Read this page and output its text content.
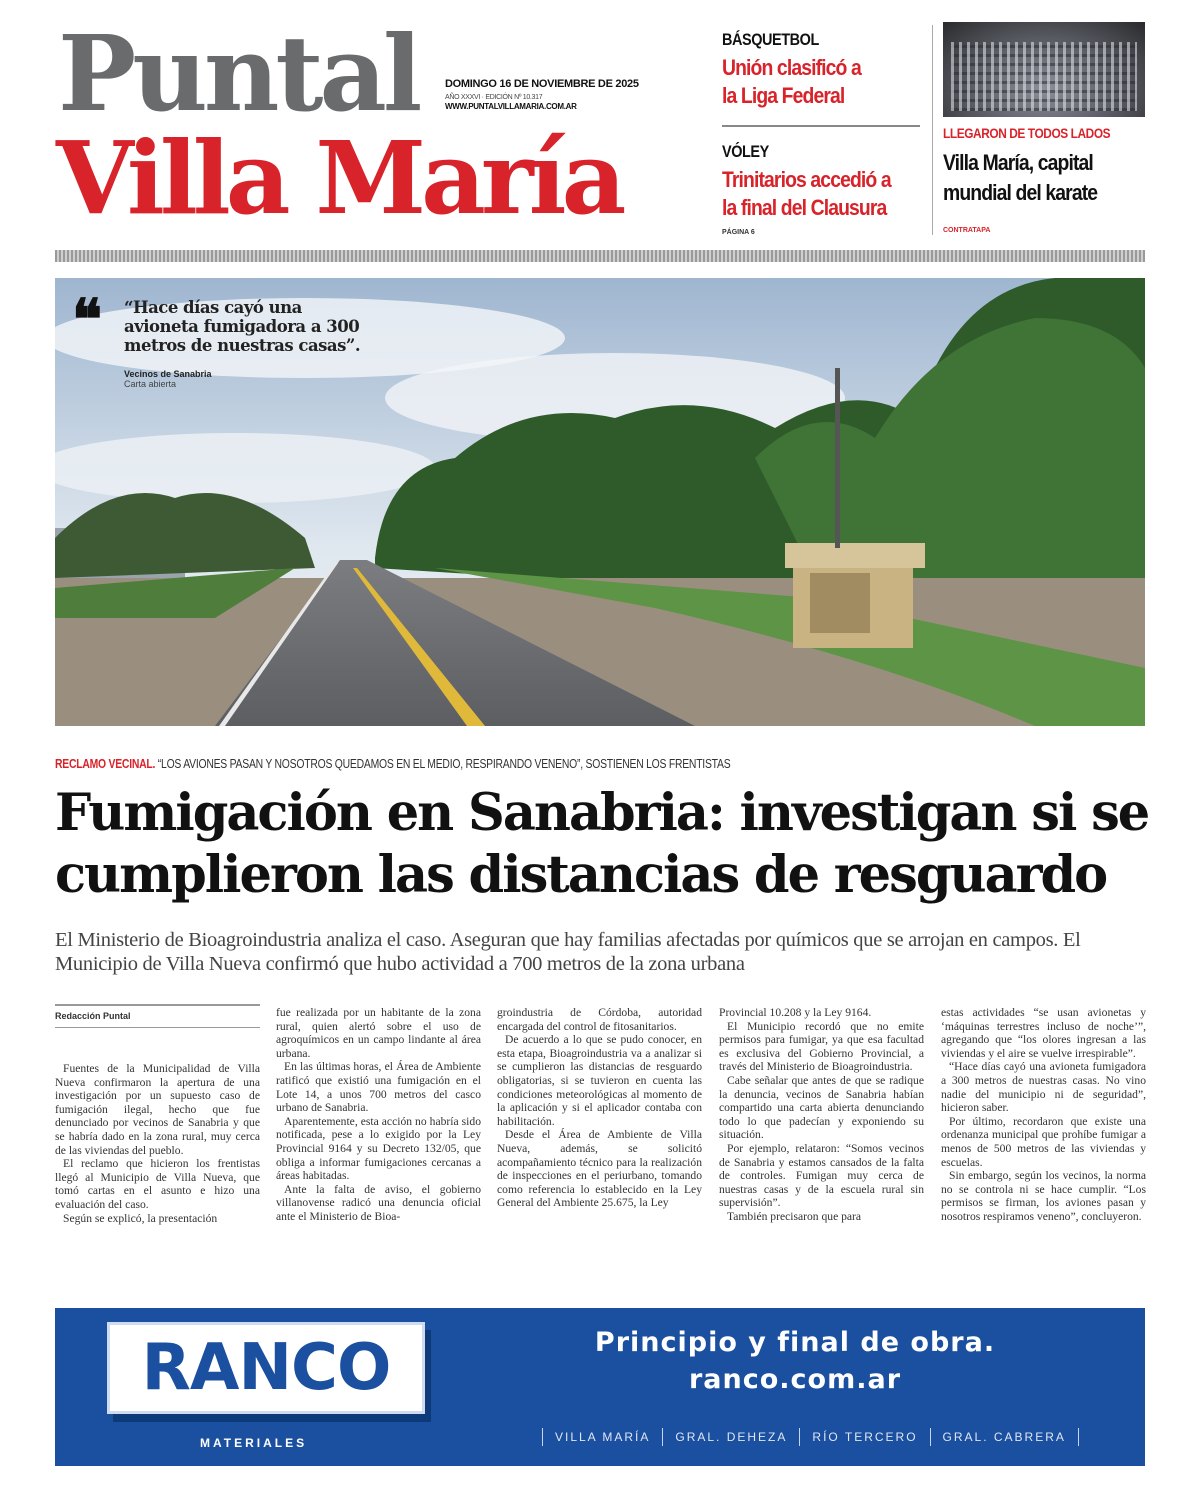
Puntal
Villa María
DOMINGO 16 DE NOVIEMBRE DE 2025
AÑO XXXVI · EDICIÓN Nº 10.317
WWW.PUNTALVILLAMARIA.COM.AR
BÁSQUETBOL
Unión clasificó a
la Liga Federal
VÓLEY
Trinitarios accedió a
la final del Clausura
PÁGINA 6
LLEGARON DE TODOS LADOS
Villa María, capital
mundial del karate
CONTRATAPA
❝ “Hace días cayó una
avioneta fumigadora a 300
metros de nuestras casas”.
Vecinos de Sanabria
Carta abierta
RECLAMO VECINAL. “LOS AVIONES PASAN Y NOSOTROS QUEDAMOS EN EL MEDIO, RESPIRANDO VENENO”, SOSTIENEN LOS FRENTISTAS
Fumigación en Sanabria: investigan si se
cumplieron las distancias de resguardo
El Ministerio de Bioagroindustria analiza el caso. Aseguran que hay familias afectadas por químicos que se arrojan en campos. El Municipio de Villa Nueva confirmó que hubo actividad a 700 metros de la zona urbana
Redacción Puntal

Fuentes de la Municipalidad de Villa Nueva confirmaron la apertura de una investigación por un supuesto caso de fumigación ilegal, hecho que fue denunciado por vecinos de Sanabria y que se habría dado en la zona rural, muy cerca de las viviendas del pueblo.

El reclamo que hicieron los frentistas llegó al Municipio de Villa Nueva, que tomó cartas en el asunto e hizo una evaluación del caso.

Según se explicó, la presentación

fue realizada por un habitante de la zona rural, quien alertó sobre el uso de agroquímicos en un campo lindante al área urbana.

En las últimas horas, el Área de Ambiente ratificó que existió una fumigación en el Lote 14, a unos 700 metros del casco urbano de Sanabria.

Aparentemente, esta acción no habría sido notificada, pese a lo exigido por la Ley Provincial 9164 y su Decreto 132/05, que obliga a informar fumigaciones cercanas a áreas habitadas.

Ante la falta de aviso, el gobierno villanovense radicó una denuncia oficial ante el Ministerio de Bioa-

groindustria de Córdoba, autoridad encargada del control de fitosanitarios.

De acuerdo a lo que se pudo conocer, en esta etapa, Bioagroindustria va a analizar si se cumplieron las distancias de resguardo obligatorias, si se tuvieron en cuenta las condiciones meteorológicas al momento de la aplicación y si el aplicador contaba con habilitación.

Desde el Área de Ambiente de Villa Nueva, además, se solicitó acompañamiento técnico para la realización de inspecciones en el periurbano, tomando como referencia lo establecido en la Ley General del Ambiente 25.675, la Ley

Provincial 10.208 y la Ley 9164.

El Municipio recordó que no emite permisos para fumigar, ya que esa facultad es exclusiva del Gobierno Provincial, a través del Ministerio de Bioagroindustria.

Cabe señalar que antes de que se radique la denuncia, vecinos de Sanabria habían compartido una carta abierta denunciando todo lo que padecían y exponiendo su situación.

Por ejemplo, relataron: “Somos vecinos de Sanabria y estamos cansados de la falta de controles. Fumigan muy cerca de nuestras casas y de la escuela rural sin supervisión”.

También precisaron que para

estas actividades “se usan avionetas y ‘máquinas terrestres incluso de noche’”, agregando que “los olores ingresan a las viviendas y el aire se vuelve irrespirable”.

“Hace días cayó una avioneta fumigadora a 300 metros de nuestras casas. No vino nadie del municipio ni de seguridad”, hicieron saber.

Por último, recordaron que existe una ordenanza municipal que prohíbe fumigar a menos de 500 metros de las viviendas y escuelas.

Sin embargo, según los vecinos, la norma no se controla ni se hace cumplir. “Los permisos se firman, los aviones pasan y nosotros respiramos veneno”, concluyeron.

RANCO
MATERIALES
Principio y final de obra.
ranco.com.ar
VILLA MARÍA	GRAL. DEHEZA	RÍO TERCERO	GRAL. CABRERA
